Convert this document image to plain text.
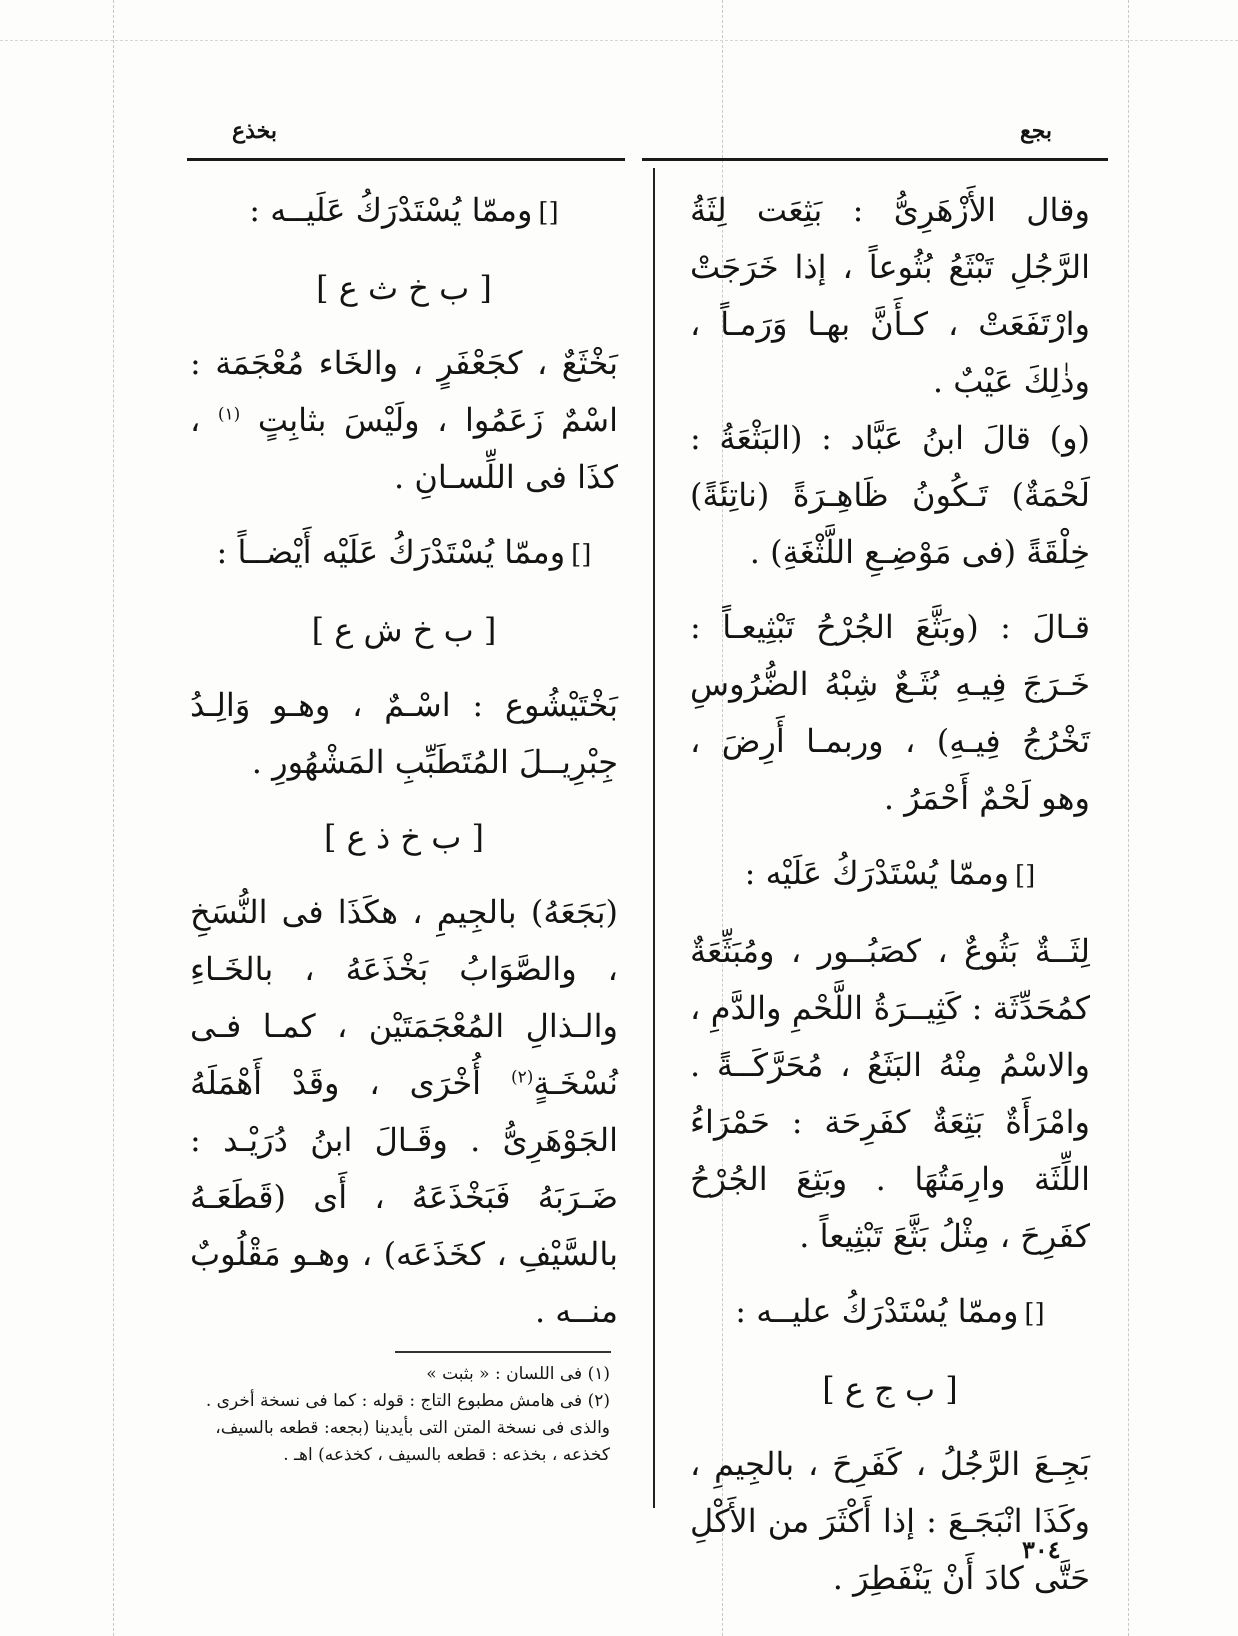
بجع
بخذع

وقال الأَزْهَرِىُّ : بَثِعَت لِثَةُ الرَّجُلِ تَبْثَعُ بُثُوعاً ، إذا خَرَجَتْ وارْتَفَعَتْ ، كـأَنَّ بهـا وَرَمـاً ، وذٰلِكَ عَيْبٌ .

(و) قالَ ابنُ عَبَّاد : (البَثْعَةُ : لَحْمَةٌ) تَـكُونُ ظَاهِـرَةً (ناتِئَةً) خِلْقَةً (فى مَوْضِـعِ اللَّثْغَةِ) .

قـالَ : (وبَثَّعَ الجُرْحُ تَبْثِيعـاً : خَـرَجَ فِيـهِ بُثَـعٌ شِبْهُ الضُّرُوسِ تَخْرُجُ فِيـهِ) ، وربمـا أَرِضَ ، وهو لَحْمٌ أَحْمَرُ .

[]وممّا يُسْتَدْرَكُ عَلَيْه :

لِثَــةٌ بَثُوعٌ ، كصَبُــور ، ومُبَثِّعَةٌ كمُحَدِّثَة : كَثِيــرَةُ اللَّحْمِ والدَّمِ ، والاسْمُ مِنْهُ البَثَعُ ، مُحَرَّكَــةً . وامْرَأَةٌ بَثِعَةٌ كفَرِحَة : حَمْرَاءُ اللِّثَة وارِمَتُهَا . وبَثِعَ الجُرْحُ كفَرِحَ ، مِثْلُ بَثَّعَ تَبْثِيعاً .

[]وممّا يُسْتَدْرَكُ عليــه :

[ ب ج ع ]

بَجِـعَ الرَّجُلُ ، كَفَرِحَ ، بالجِيمِ ، وكَذَا انْبَجَـعَ : إذا أَكْثَرَ من الأَكْلِ حَتَّى كادَ أَنْ يَنْفَطِرَ .

[]وممّا يُسْتَدْرَكُ عَلَيــه :

[ ب خ ث ع ]

بَخْثَعٌ ، كجَعْفَرٍ ، والخَاء مُعْجَمَة : اسْمٌ زَعَمُوا ، ولَيْسَ بثابِتٍ $^{(١)}$ ، كذَا فى اللِّسـانِ .

[]وممّا يُسْتَدْرَكُ عَلَيْه أَيْضــاً :

[ ب خ ش ع ]

بَخْتَيْشُوع : اسْـمٌ ، وهـو وَالِـدُ جِبْرِيــلَ المُتَطَبِّبِ المَشْهُورِ .

[ ب خ ذ ع ]

(بَجَعَهُ) بالجِيمِ ، هكَذَا فى النُّسَخِ ، والصَّوَابُ بَخْذَعَهُ ، بالخَـاءِ والـذالِ المُعْجَمَتَيْن ، كمـا فـى نُسْخَـةٍ$^{(٢)}$ أُخْرَى ، وقَدْ أَهْمَلَهُ الجَوْهَرِىُّ . وقَـالَ ابنُ دُرَيْـد : ضَـرَبَهُ فَبَخْذَعَهُ ، أَى (قَطَعَـهُ بالسَّيْفِ ، كخَذَعَه) ، وهـو مَقْلُوبٌ منــه .

(١) فى اللسان : « بثبت »

(٢) فى هامش مطبوع التاج : قوله : كما فى نسخة أخرى . والذى فى نسخة المتن التى بأيدينا (بجعه: قطعه بالسيف، كخذعه ، بخذعه : قطعه بالسيف ، كخذعه) اهـ .

٣٠٤
